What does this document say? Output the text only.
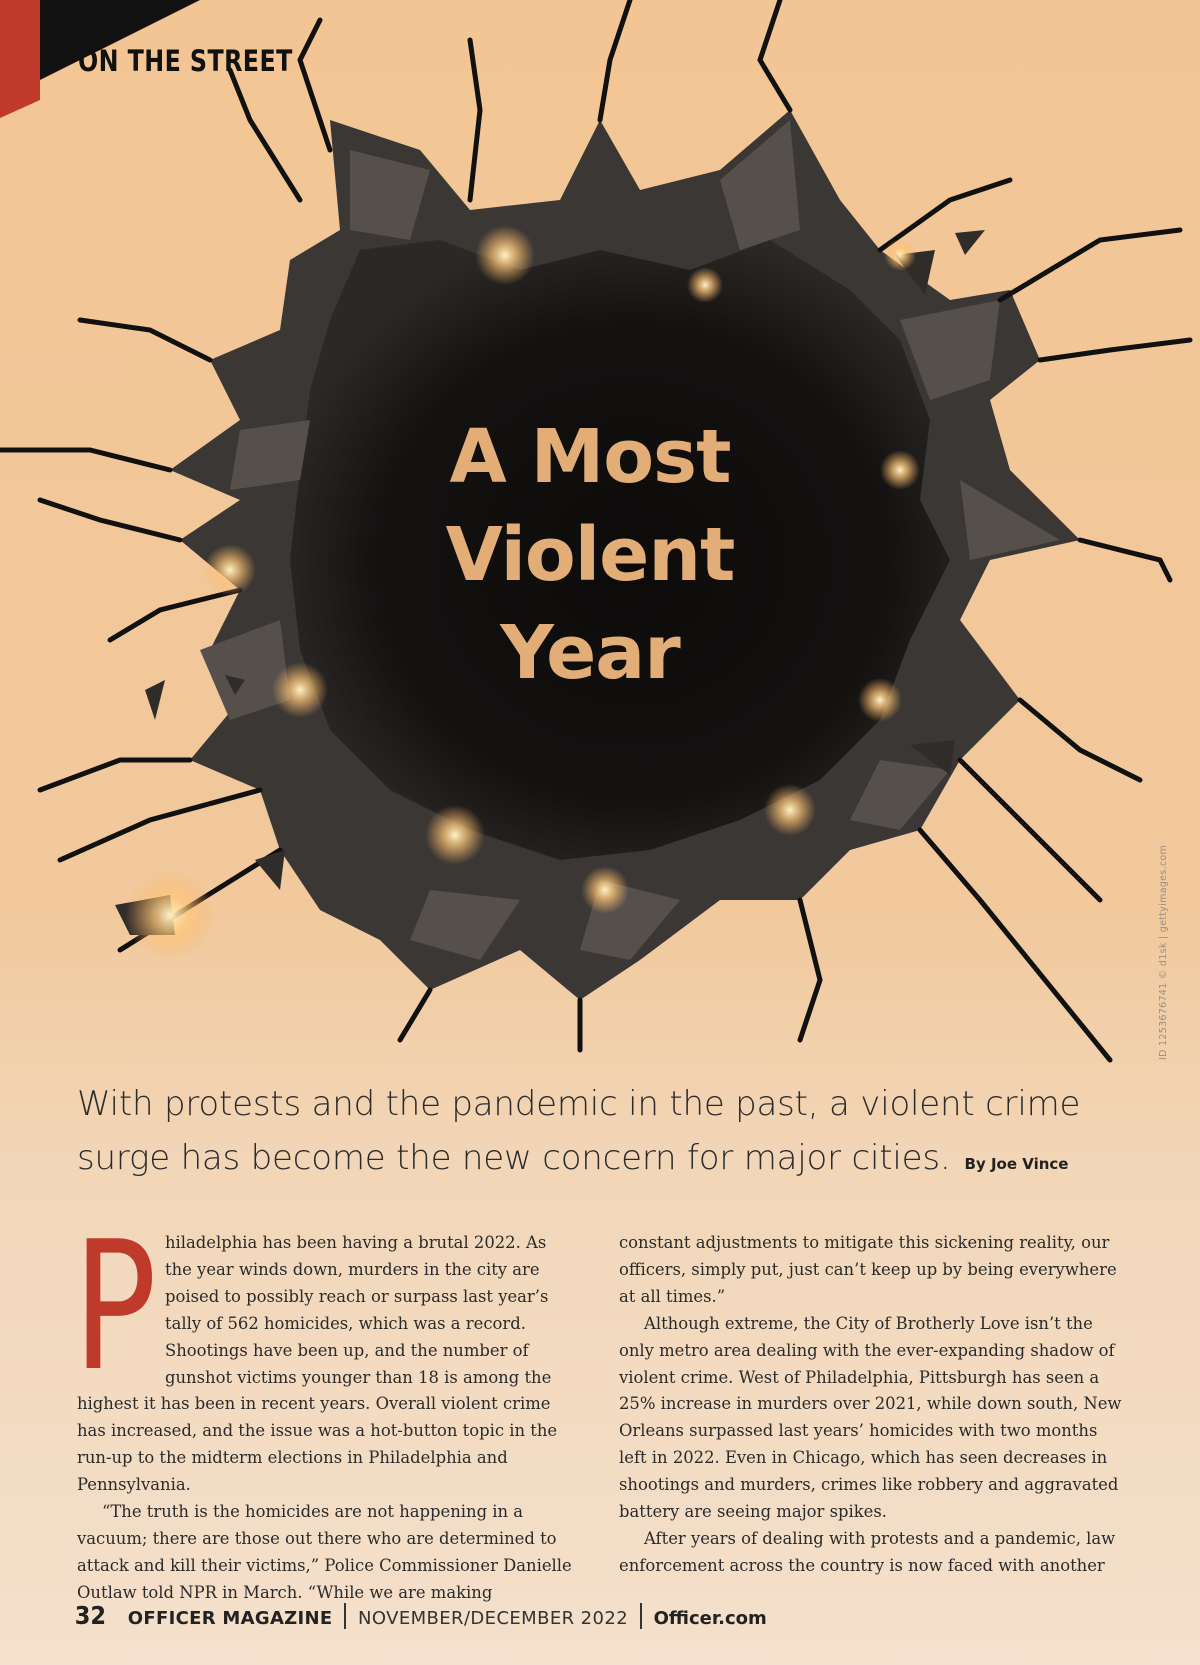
ON THE STREET
A Most
Violent
Year
ID 1253676741 © d1sk | gettyimages.com
With protests and the pandemic in the past, a violent crime surge has become the new concern for major cities. By Joe Vince
P hiladelphia has been having a brutal 2022. As the year winds down, murders in the city are poised to possibly reach or surpass last year’s tally of 562 homicides, which was a record. Shootings have been up, and the number of gunshot victims younger than 18 is among the highest it has been in recent years. Overall violent crime has increased, and the issue was a hot-button topic in the run-up to the midterm elections in Philadelphia and Pennsylvania.

“The truth is the homicides are not happening in a vacuum; there are those out there who are determined to attack and kill their victims,” Police Commissioner Danielle Outlaw told NPR in March. “While we are making

constant adjustments to mitigate this sickening reality, our officers, simply put, just can’t keep up by being everywhere at all times.”

Although extreme, the City of Brotherly Love isn’t the only metro area dealing with the ever-expanding shadow of violent crime. West of Philadelphia, Pittsburgh has seen a 25% increase in murders over 2021, while down south, New Orleans surpassed last years’ homicides with two months left in 2022. Even in Chicago, which has seen decreases in shootings and murders, crimes like robbery and aggravated battery are seeing major spikes.

After years of dealing with protests and a pandemic, law enforcement across the country is now faced with another

32 OFFICER MAGAZINE NOVEMBER/DECEMBER 2022 Officer.com
